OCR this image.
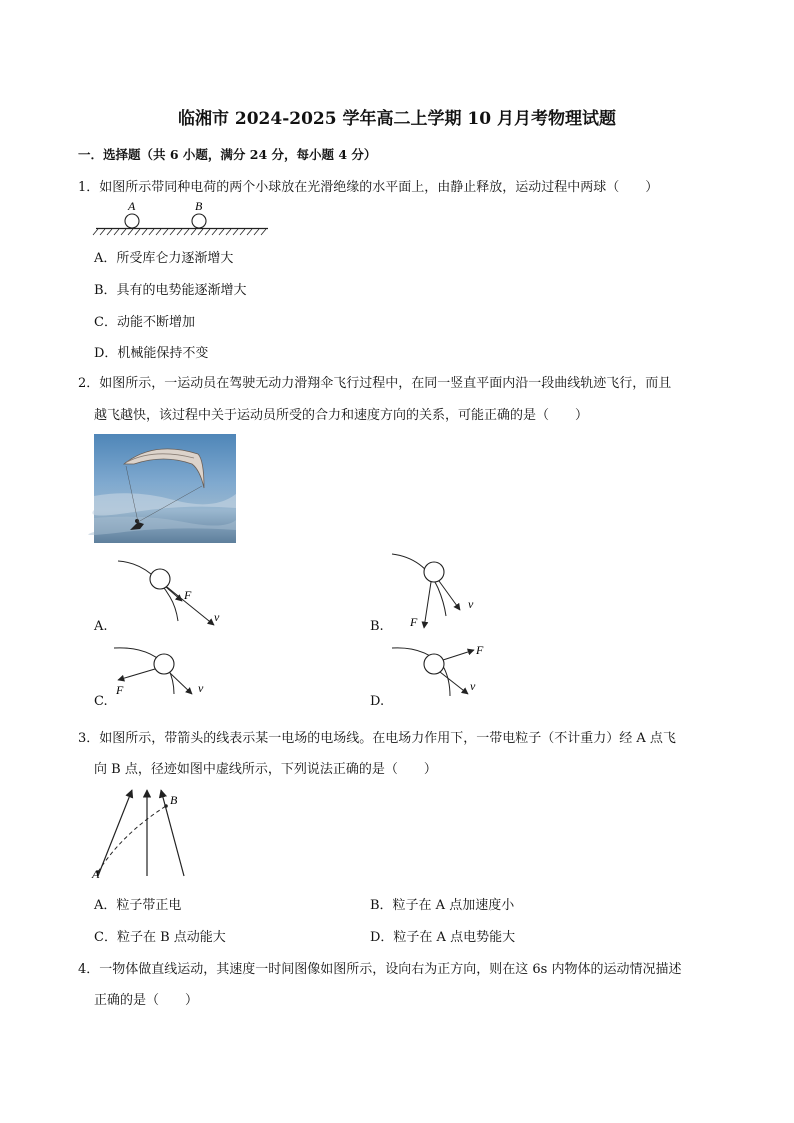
临湘市 2024-2025 学年高二上学期 10 月月考物理试题
一．选择题（共 6 小题，满分 24 分，每小题 4 分）
1．如图所示带同种电荷的两个小球放在光滑绝缘的水平面上，由静止释放，运动过程中两球（　　）
A	B
A．所受库仑力逐渐增大
B．具有的电势能逐渐增大
C．动能不断增加
D．机械能保持不变
2．如图所示，一运动员在驾驶无动力滑翔伞飞行过程中，在同一竖直平面内沿一段曲线轨迹飞行，而且
越飞越快，该过程中关于运动员所受的合力和速度方向的关系，可能正确的是（　　）
F
v
A.	F
v
B.
F	v
C.
F
v
D.
3．如图所示，带箭头的线表示某一电场的电场线。在电场力作用下，一带电粒子（不计重力）经 A 点飞
向 B 点，径迹如图中虚线所示，下列说法正确的是（　　）
A
B
A．粒子带正电	B．粒子在 A 点加速度小
C．粒子在 B 点动能大	D．粒子在 A 点电势能大
4．一物体做直线运动，其速度一时间图像如图所示，设向右为正方向，则在这 6s 内物体的运动情况描述
正确的是（　　）
